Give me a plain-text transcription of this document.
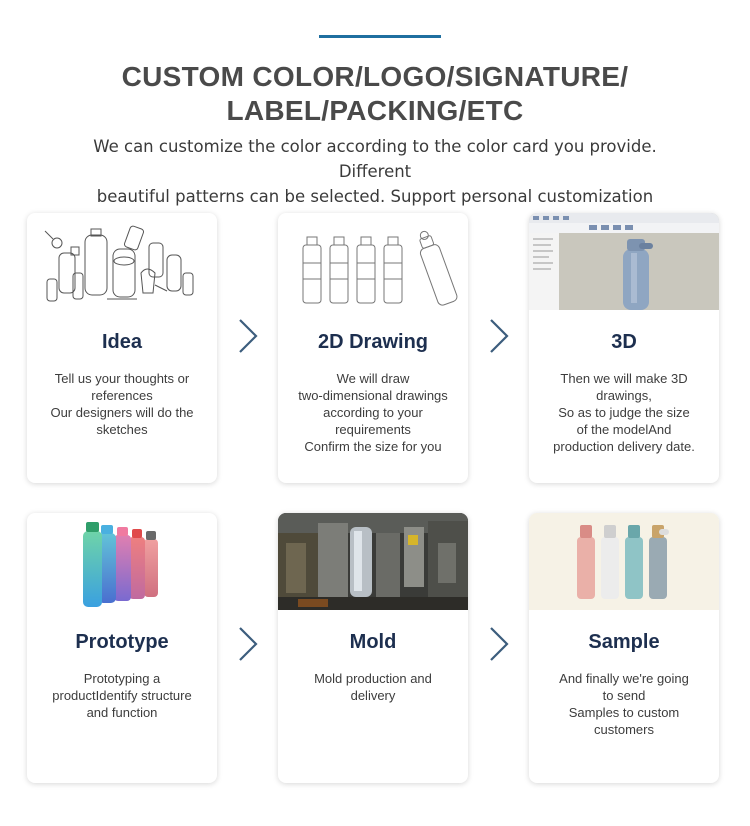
CUSTOM COLOR/LOGO/SIGNATURE/
LABEL/PACKING/ETC
We can customize the color according to the color card you provide. Different
beautiful patterns can be selected. Support personal customization
Idea
Tell us your thoughts or
references
Our designers will do the
sketches
2D Drawing
We will draw
two-dimensional drawings
according to your
requirements
Confirm the size for you
3D
Then we will make 3D
drawings,
So as to judge the size
of the modelAnd
production delivery date.
Prototype
Prototyping a
productIdentify structure
and function
Mold
Mold production and
delivery
Sample
And finally we're going
to send
Samples to custom
customers
